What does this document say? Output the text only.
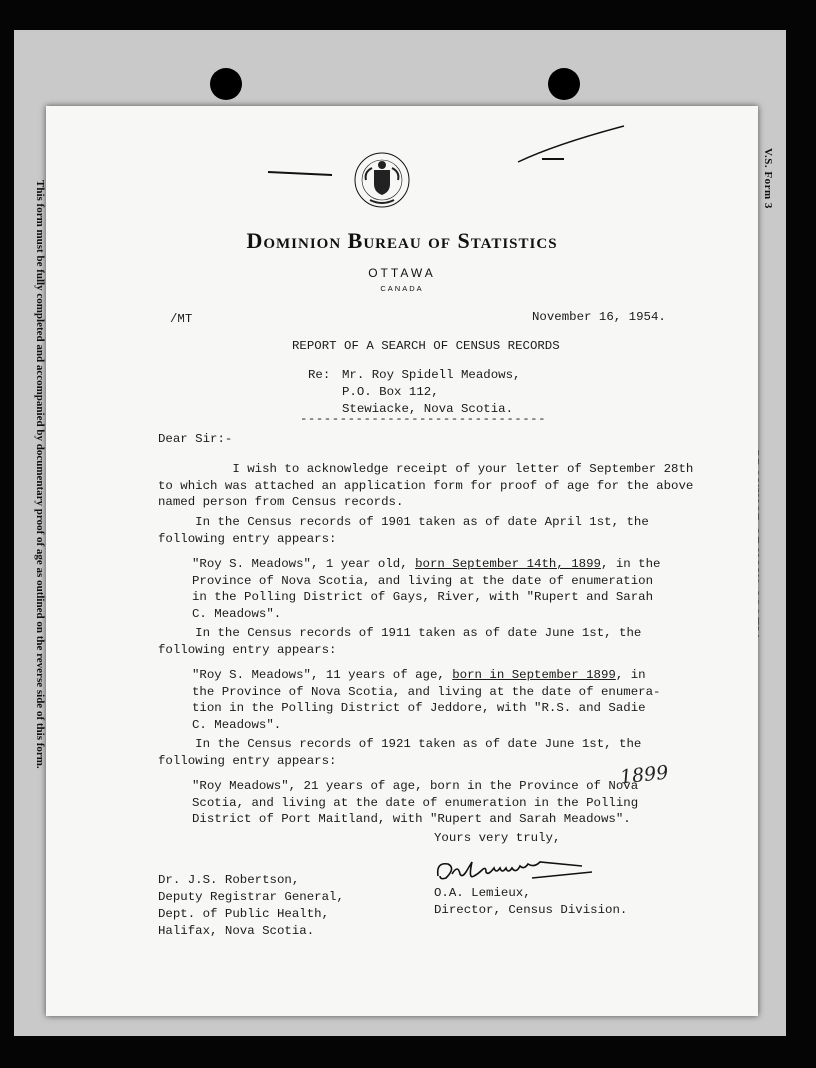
V.S. Form 3
This form must be fully completed and accompanied by documentary proof of age as outlined on the reverse side of this form.	Dominion Bureau of Statistics
OTTAWA
CANADA
/MT	November 16, 1954.
REPORT OF A SEARCH OF CENSUS RECORDS
Re: Mr. Roy Spidell Meadows,
P.O. Box 112,
Stewiacke, Nova Scotia.
-------------------------------
Dear Sir:-
I wish to acknowledge receipt of your letter of September 28th
to which was attached an application form for proof of age for the above
named person from Census records.
In the Census records of 1901 taken as of date April 1st, the
following entry appears:
"Roy S. Meadows", 1 year old, born September 14th, 1899, in the
Province of Nova Scotia, and living at the date of enumeration
in the Polling District of Gays, River, with "Rupert and Sarah
C. Meadows".
In the Census records of 1911 taken as of date June 1st, the
following entry appears:
"Roy S. Meadows", 11 years of age, born in September 1899, in
the Province of Nova Scotia, and living at the date of enumera-
tion in the Polling District of Jeddore, with "R.S. and Sadie
C. Meadows".
In the Census records of 1921 taken as of date June 1st, the
following entry appears:
"Roy Meadows", 21 years of age, born in the Province of Nova
Scotia, and living at the date of enumeration in the Polling
District of Port Maitland, with "Rupert and Sarah Meadows".
1899
Yours very truly,
O.A. Lemieux,
Director, Census Division.
Dr. J.S. Robertson,
Deputy Registrar General,
Dept. of Public Health,
Halifax, Nova Scotia.
